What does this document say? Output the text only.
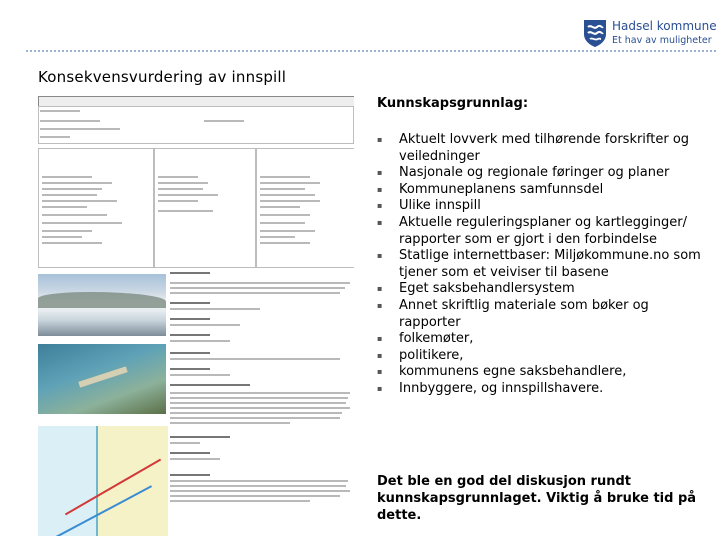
Hadsel kommune
Et hav av muligheter
Konsekvensvurdering av innspill
Kunnskapsgrunnlag:
▪ Aktuelt lovverk med tilhørende forskrifter og veiledninger
▪ Nasjonale og regionale føringer og planer
▪ Kommuneplanens samfunnsdel
▪ Ulike innspill
▪ Aktuelle reguleringsplaner og kartlegginger/ rapporter som er gjort i den forbindelse
▪ Statlige internettbaser: Miljøkommune.no som tjener som et veiviser til basene
▪ Eget saksbehandlersystem
▪ Annet skriftlig materiale som bøker og rapporter
▪ folkemøter,
▪ politikere,
▪ kommunens egne saksbehandlere,
▪ Innbyggere, og innspillshavere.
Det ble en god del diskusjon rundt kunnskapsgrunnlaget. Viktig å bruke tid på dette.
